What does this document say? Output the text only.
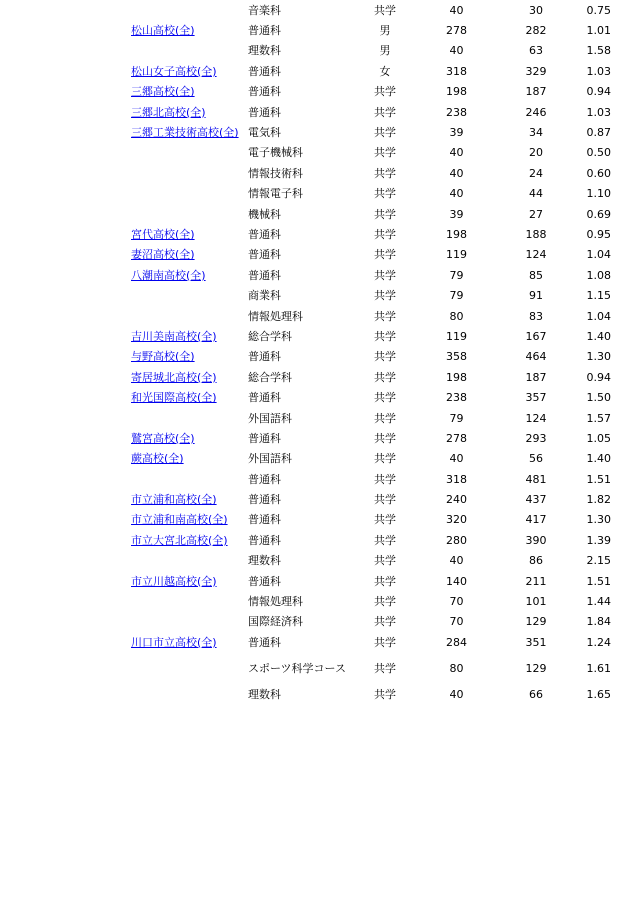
	音楽科	共学	40	30	0.75
松山高校(全)	普通科	男	278	282	1.01
	理数科	男	40	63	1.58
松山女子高校(全)	普通科	女	318	329	1.03
三郷高校(全)	普通科	共学	198	187	0.94
三郷北高校(全)	普通科	共学	238	246	1.03
三郷工業技術高校(全)	電気科	共学	39	34	0.87
	電子機械科	共学	40	20	0.50
	情報技術科	共学	40	24	0.60
	情報電子科	共学	40	44	1.10
	機械科	共学	39	27	0.69
宮代高校(全)	普通科	共学	198	188	0.95
妻沼高校(全)	普通科	共学	119	124	1.04
八潮南高校(全)	普通科	共学	79	85	1.08
	商業科	共学	79	91	1.15
	情報処理科	共学	80	83	1.04
吉川美南高校(全)	総合学科	共学	119	167	1.40
与野高校(全)	普通科	共学	358	464	1.30
寄居城北高校(全)	総合学科	共学	198	187	0.94
和光国際高校(全)	普通科	共学	238	357	1.50
	外国語科	共学	79	124	1.57
鷲宮高校(全)	普通科	共学	278	293	1.05
蕨高校(全)	外国語科	共学	40	56	1.40
	普通科	共学	318	481	1.51
市立浦和高校(全)	普通科	共学	240	437	1.82
市立浦和南高校(全)	普通科	共学	320	417	1.30
市立大宮北高校(全)	普通科	共学	280	390	1.39
	理数科	共学	40	86	2.15
市立川越高校(全)	普通科	共学	140	211	1.51
	情報処理科	共学	70	101	1.44
	国際経済科	共学	70	129	1.84
川口市立高校(全)	普通科	共学	284	351	1.24
	スポーツ科学コース	共学	80	129	1.61
	理数科	共学	40	66	1.65
